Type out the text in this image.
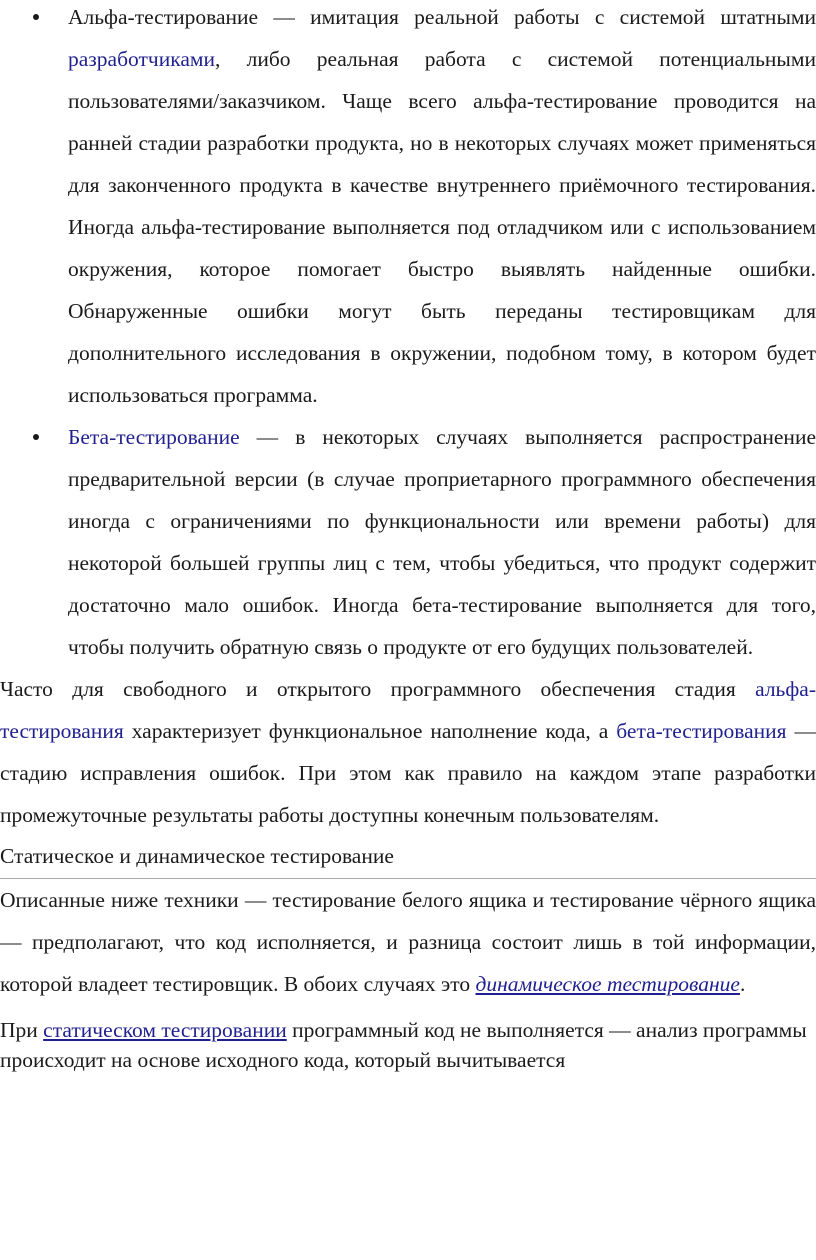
Альфа-тестирование — имитация реальной работы с системой штатными разработчиками, либо реальная работа с системой потенциальными пользователями/заказчиком. Чаще всего альфа-тестирование проводится на ранней стадии разработки продукта, но в некоторых случаях может применяться для законченного продукта в качестве внутреннего приёмочного тестирования. Иногда альфа-тестирование выполняется под отладчиком или с использованием окружения, которое помогает быстро выявлять найденные ошибки. Обнаруженные ошибки могут быть переданы тестировщикам для дополнительного исследования в окружении, подобном тому, в котором будет использоваться программа.

Бета-тестирование — в некоторых случаях выполняется распространение предварительной версии (в случае проприетарного программного обеспечения иногда с ограничениями по функциональности или времени работы) для некоторой большей группы лиц с тем, чтобы убедиться, что продукт содержит достаточно мало ошибок. Иногда бета-тестирование выполняется для того, чтобы получить обратную связь о продукте от его будущих пользователей.

Часто для свободного и открытого программного обеспечения стадия альфа-тестирования характеризует функциональное наполнение кода, а бета-тестирования — стадию исправления ошибок. При этом как правило на каждом этапе разработки промежуточные результаты работы доступны конечным пользователям.

Статическое и динамическое тестирование

Описанные ниже техники — тестирование белого ящика и тестирование чёрного ящика — предполагают, что код исполняется, и разница состоит лишь в той информации, которой владеет тестировщик. В обоих случаях это динамическое тестирование.

При статическом тестировании программный код не выполняется — анализ программы происходит на основе исходного кода, который вычитывается
